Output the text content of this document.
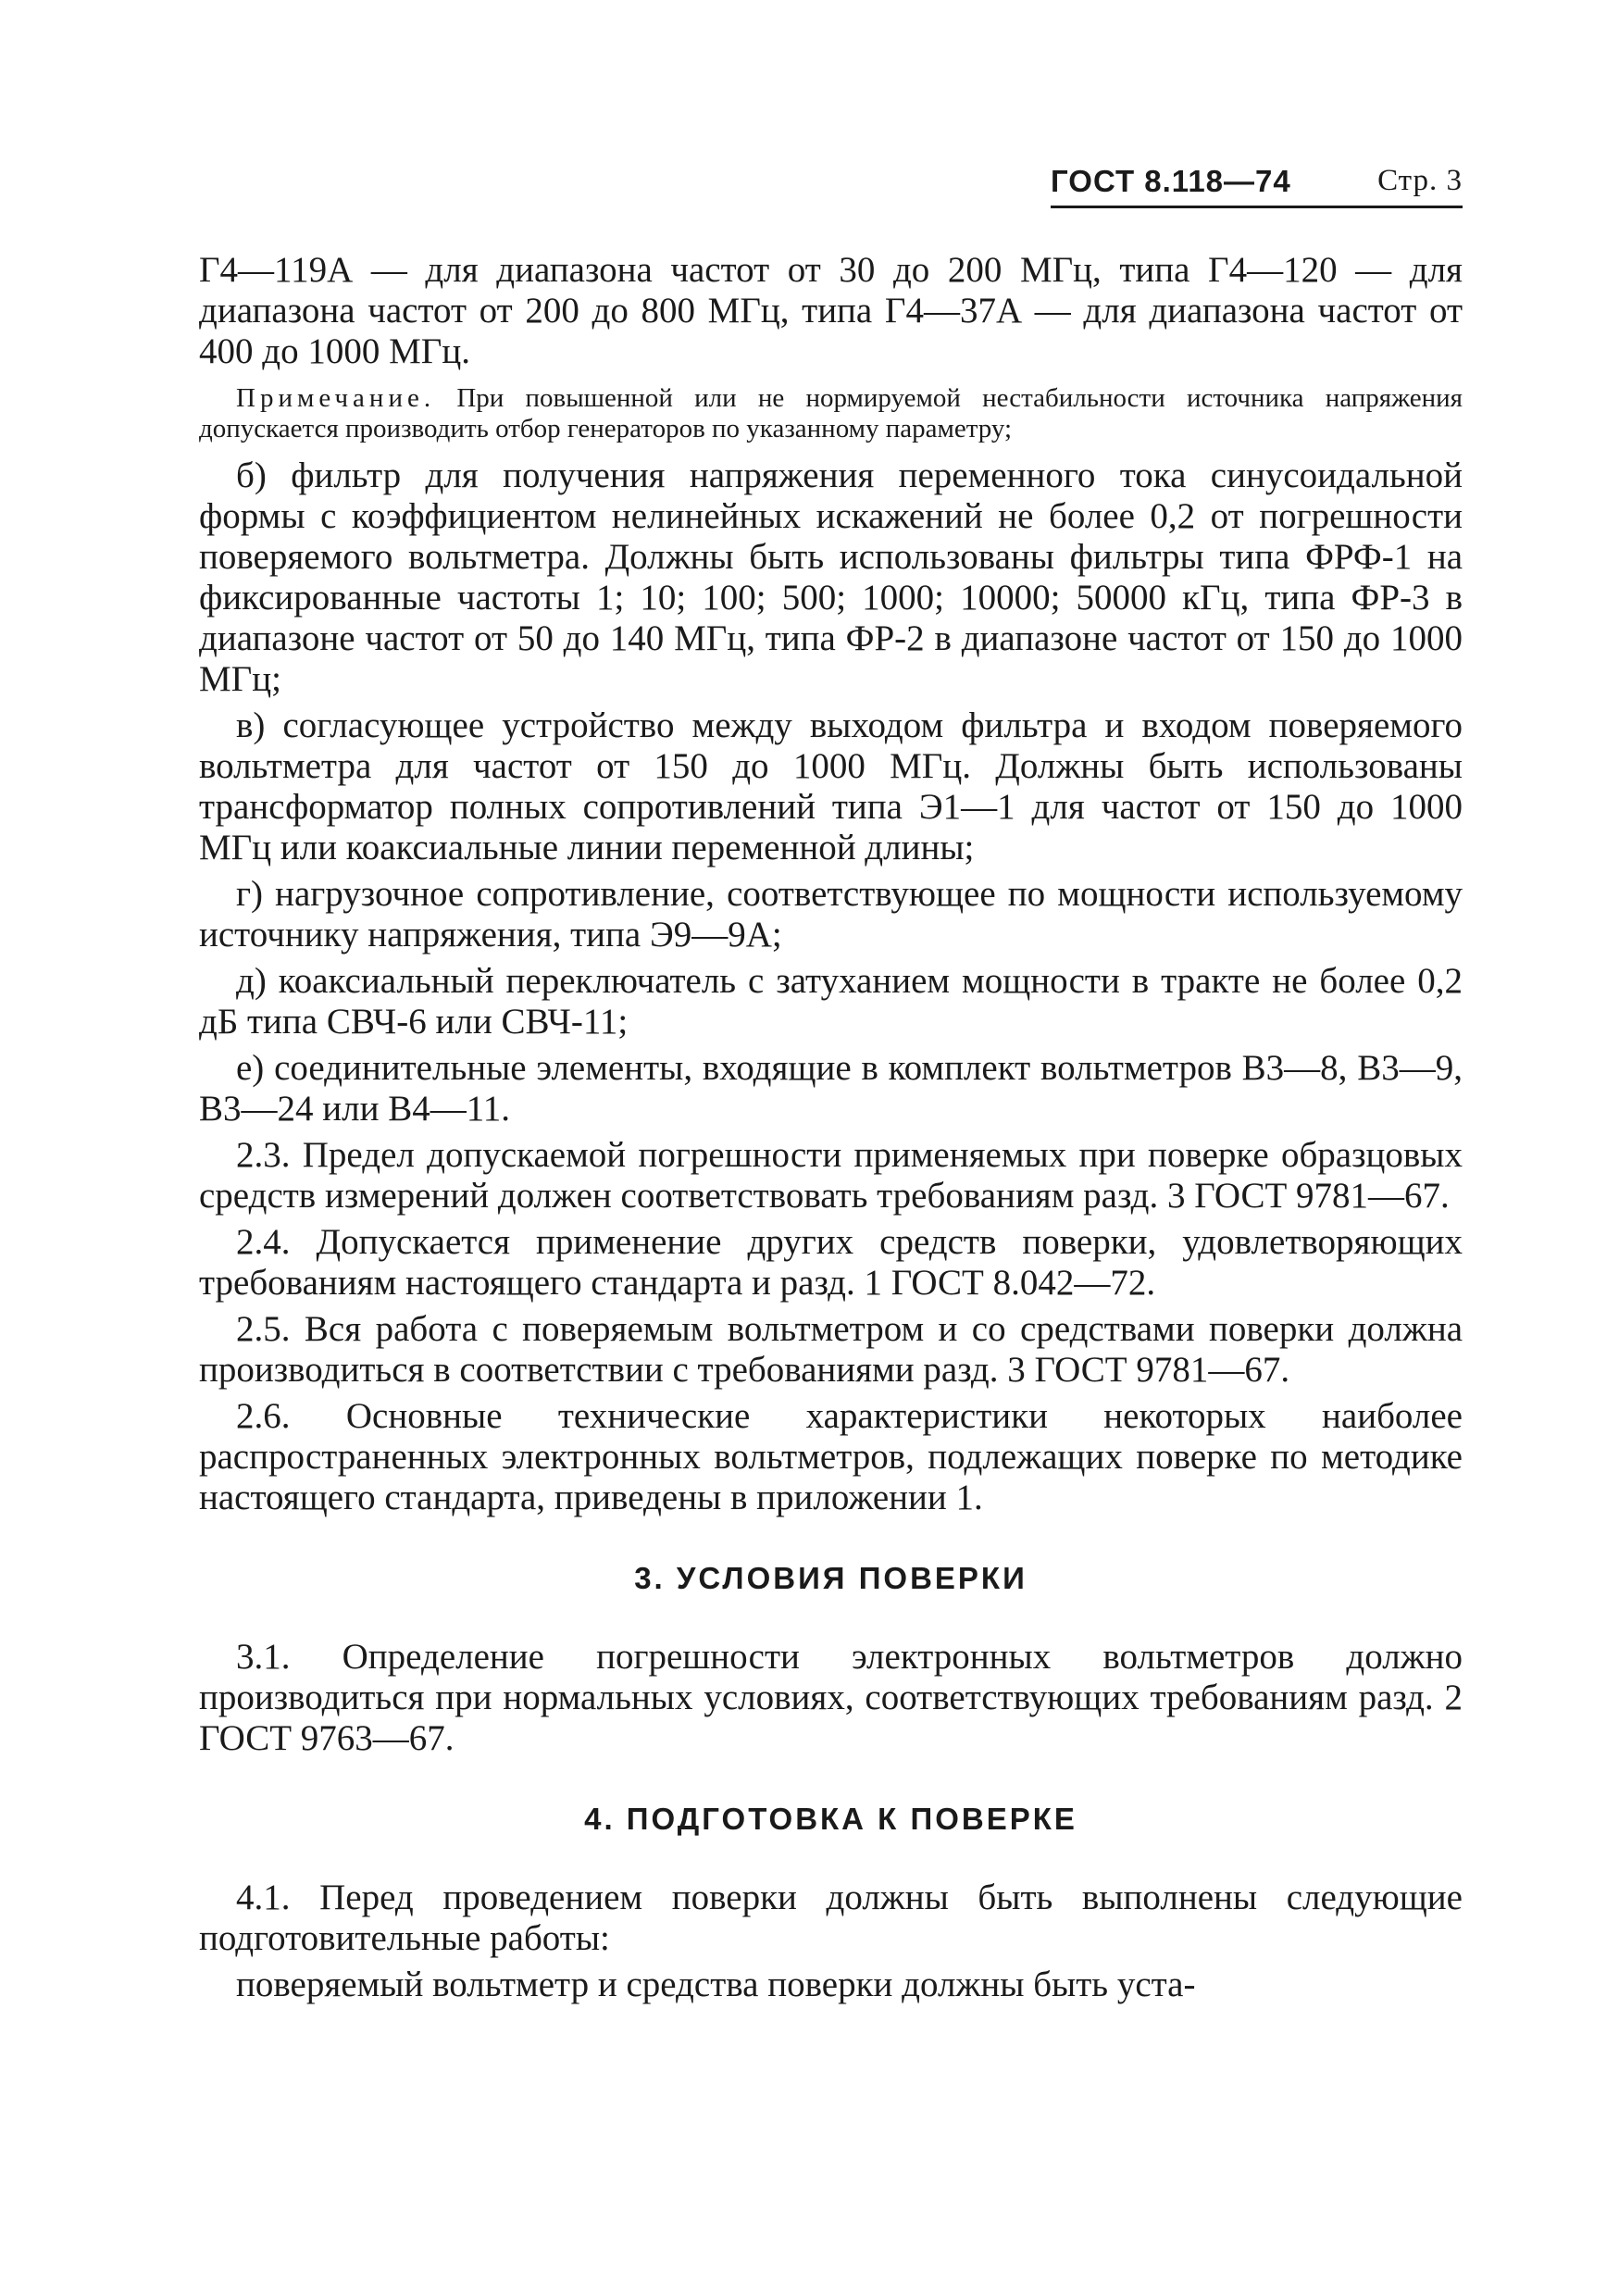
ГОСТ 8.118—74	Стр. 3

Г4—119А — для диапазона частот от 30 до 200 МГц, типа Г4—120 — для диапазона частот от 200 до 800 МГц, типа Г4—37А — для диапазона частот от 400 до 1000 МГц.

Примечание. При повышенной или не нормируемой нестабильности источника напряжения допускается производить отбор генераторов по указанному параметру;

б) фильтр для получения напряжения переменного тока синусоидальной формы с коэффициентом нелинейных искажений не более 0,2 от погрешности поверяемого вольтметра. Должны быть использованы фильтры типа ФРФ-1 на фиксированные частоты 1; 10; 100; 500; 1000; 10000; 50000 кГц, типа ФР-3 в диапазоне частот от 50 до 140 МГц, типа ФР-2 в диапазоне частот от 150 до 1000 МГц;

в) согласующее устройство между выходом фильтра и входом поверяемого вольтметра для частот от 150 до 1000 МГц. Должны быть использованы трансформатор полных сопротивлений типа Э1—1 для частот от 150 до 1000 МГц или коаксиальные линии переменной длины;

г) нагрузочное сопротивление, соответствующее по мощности используемому источнику напряжения, типа Э9—9А;

д) коаксиальный переключатель с затуханием мощности в тракте не более 0,2 дБ типа СВЧ-6 или СВЧ-11;

е) соединительные элементы, входящие в комплект вольтметров В3—8, В3—9, В3—24 или В4—11.

2.3. Предел допускаемой погрешности применяемых при поверке образцовых средств измерений должен соответствовать требованиям разд. 3 ГОСТ 9781—67.

2.4. Допускается применение других средств поверки, удовлетворяющих требованиям настоящего стандарта и разд. 1 ГОСТ 8.042—72.

2.5. Вся работа с поверяемым вольтметром и со средствами поверки должна производиться в соответствии с требованиями разд. 3 ГОСТ 9781—67.

2.6. Основные технические характеристики некоторых наиболее распространенных электронных вольтметров, подлежащих поверке по методике настоящего стандарта, приведены в приложении 1.

3. УСЛОВИЯ ПОВЕРКИ

3.1. Определение погрешности электронных вольтметров должно производиться при нормальных условиях, соответствующих требованиям разд. 2 ГОСТ 9763—67.

4. ПОДГОТОВКА К ПОВЕРКЕ

4.1. Перед проведением поверки должны быть выполнены следующие подготовительные работы:

поверяемый вольтметр и средства поверки должны быть уста-
